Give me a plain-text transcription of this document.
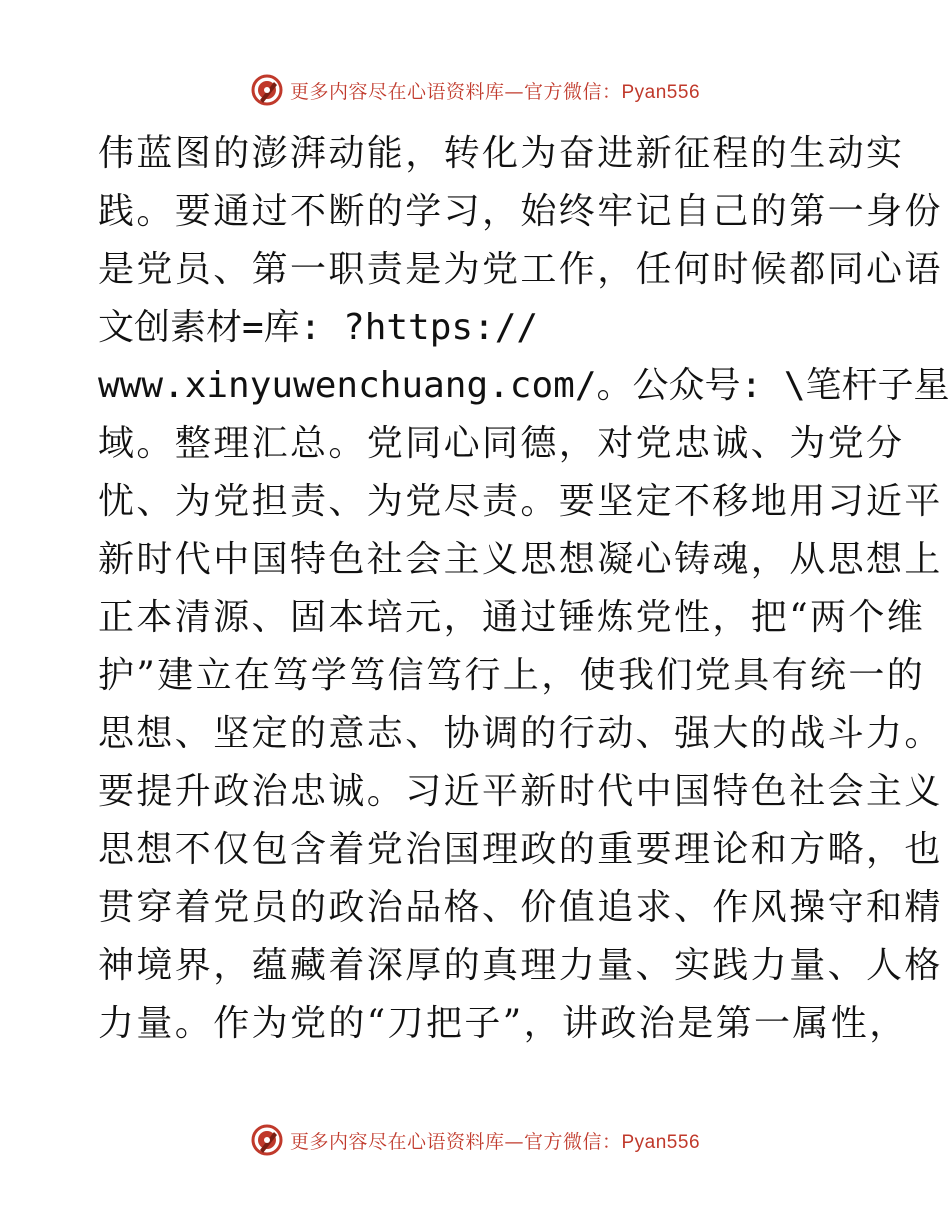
更多内容尽在心语资料库—官方微信：Pyan556
伟蓝图的澎湃动能，转化为奋进新征程的生动实
践。要通过不断的学习，始终牢记自己的第一身份
是党员、第一职责是为党工作，任何时候都同心语
文创素材=库: ?https://
www.xinyuwenchuang.com/。公众号: \笔杆子星
域。整理汇总。党同心同德，对党忠诚、为党分
忧、为党担责、为党尽责。要坚定不移地用习近平
新时代中国特色社会主义思想凝心铸魂，从思想上
正本清源、固本培元，通过锤炼党性，把“两个维
护”建立在笃学笃信笃行上，使我们党具有统一的
思想、坚定的意志、协调的行动、强大的战斗力。
要提升政治忠诚。习近平新时代中国特色社会主义
思想不仅包含着党治国理政的重要理论和方略，也
贯穿着党员的政治品格、价值追求、作风操守和精
神境界，蕴藏着深厚的真理力量、实践力量、人格
力量。作为党的“刀把子”，讲政治是第一属性，
更多内容尽在心语资料库—官方微信：Pyan556
